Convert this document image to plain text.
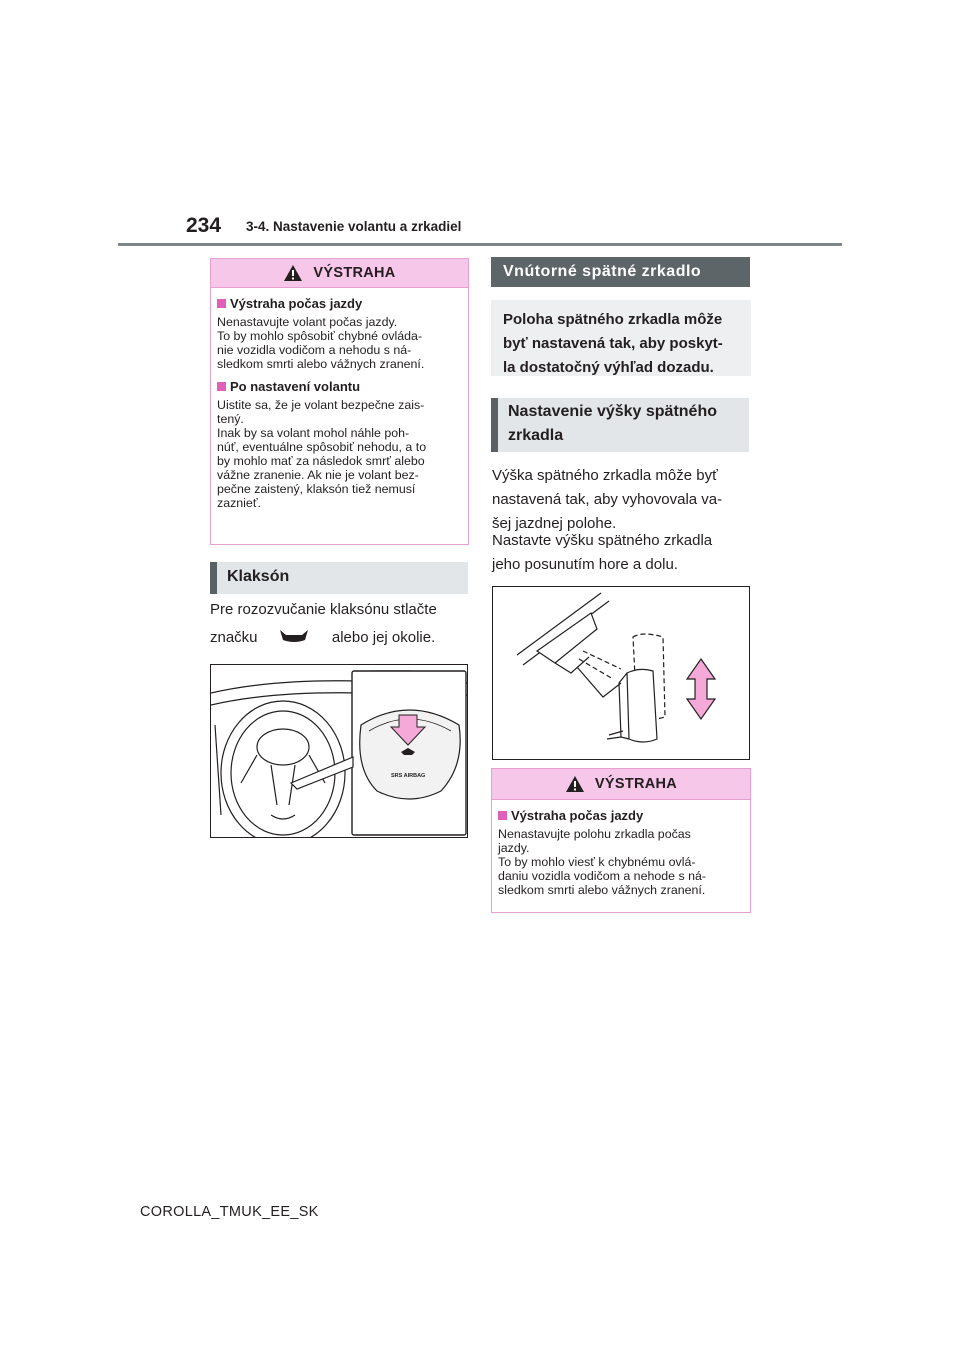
234 3-4. Nastavenie volantu a zrkadiel
VÝSTRAHA
Výstraha počas jazdy
Nenastavujte volant počas jazdy.
To by mohlo spôsobiť chybné ovláda-
nie vozidla vodičom a nehodu s ná-
sledkom smrti alebo vážnych zranení.
Po nastavení volantu
Uistite sa, že je volant bezpečne zais-
tený.
Inak by sa volant mohol náhle poh-
núť, eventuálne spôsobiť nehodu, a to
by mohlo mať za následok smrť alebo
vážne zranenie. Ak nie je volant bez-
pečne zaistený, klaksón tiež nemusí
zaznieť.
Klaksón
Pre rozozvučanie klaksónu stlačte
značku	alebo jej okolie.
SRS AIRBAG
Vnútorné spätné zrkadlo
Poloha spätného zrkadla môže
byť nastavená tak, aby poskyt-
la dostatočný výhľad dozadu.
Nastavenie výšky spätného
zrkadla
Výška spätného zrkadla môže byť
nastavená tak, aby vyhovovala va-
šej jazdnej polohe.
Nastavte výšku spätného zrkadla
jeho posunutím hore a dolu.
VÝSTRAHA
Výstraha počas jazdy
Nenastavujte polohu zrkadla počas
jazdy.
To by mohlo viesť k chybnému ovlá-
daniu vozidla vodičom a nehode s ná-
sledkom smrti alebo vážnych zranení.
COROLLA_TMUK_EE_SK
